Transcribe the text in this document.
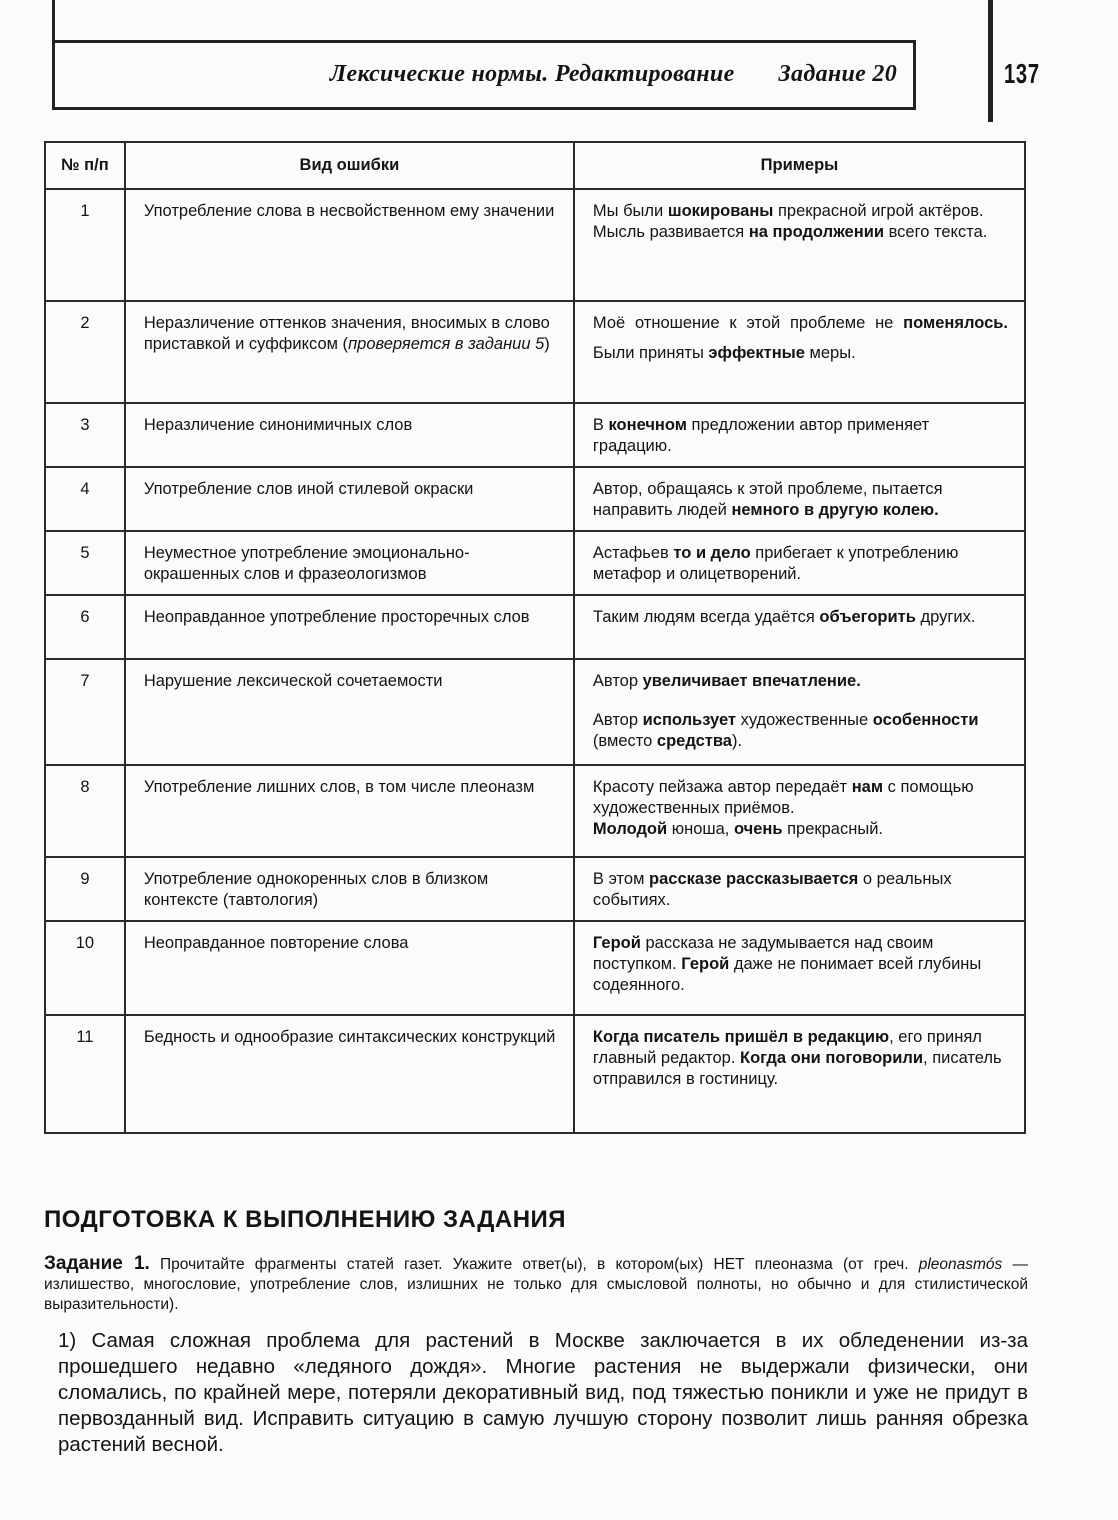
Лексические нормы. Редактирование Задание 20	137
№ п/п	Вид ошибки	Примеры
1	Употребление слова в несвойственном ему значении	Мы были шокированы прекрасной игрой актёров.

Мысль развивается на продолжении всего текста.

2	Неразличение оттенков значения, вносимых в слово приставкой и суффиксом (проверяется в задании 5)	Моё отношение к этой проблеме не поменялось.

Были приняты эффектные меры.

3	Неразличение синонимичных слов	В конечном предложении автор применяет градацию.

4	Употребление слов иной стилевой окраски	Автор, обращаясь к этой проблеме, пытается направить людей немного в другую колею.

5	Неуместное употребление эмоционально-окрашенных слов и фразеологизмов	Астафьев то и дело прибегает к употреблению метафор и олицетворений.

6	Неоправданное употребление просторечных слов	Таким людям всегда удаётся объегорить других.

7	Нарушение лексической сочетаемости	Автор увеличивает впечатление.

Автор использует художественные особенности (вместо средства).

8	Употребление лишних слов, в том числе плеоназм	Красоту пейзажа автор передаёт нам с помощью художественных приёмов.

Молодой юноша, очень прекрасный.

9	Употребление однокоренных слов в близком контексте (тавтология)	В этом рассказе рассказывается о реальных событиях.

10	Неоправданное повторение слова	Герой рассказа не задумывается над своим поступком. Герой даже не понимает всей глубины содеянного.

11	Бедность и однообразие синтаксических конструкций	Когда писатель пришёл в редакцию, его принял главный редактор. Когда они поговорили, писатель отправился в гостиницу.

ПОДГОТОВКА К ВЫПОЛНЕНИЮ ЗАДАНИЯ
Задание 1. Прочитайте фрагменты статей газет. Укажите ответ(ы), в котором(ых) НЕТ плеоназма (от греч. pleonasmós — излишество, многословие, употребление слов, излишних не только для смысловой полноты, но обычно и для стилистической выразительности).
1) Самая сложная проблема для растений в Москве заключается в их обледенении из-за прошедшего недавно «ледяного дождя». Многие растения не выдержали физически, они сломались, по крайней мере, потеряли декоративный вид, под тяжестью поникли и уже не придут в первозданный вид. Исправить ситуацию в самую лучшую сторону позволит лишь ранняя обрезка растений весной.
